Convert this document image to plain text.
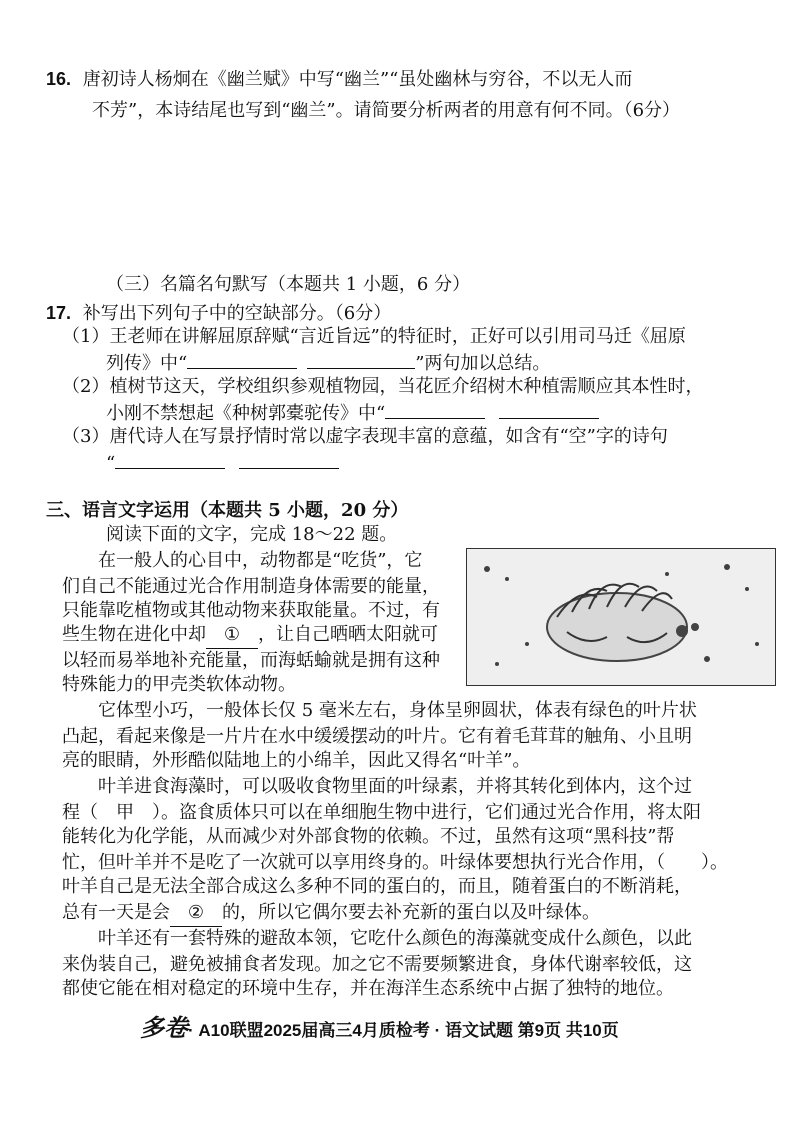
16. 唐初诗人杨炯在《幽兰赋》中写“幽兰”“虽处幽林与穷谷，不以无人而
不芳”，本诗结尾也写到“幽兰”。请简要分析两者的用意有何不同。（6分）
（三）名篇名句默写（本题共 1 小题，6 分）
17. 补写出下列句子中的空缺部分。（6分）
（1）王老师在讲解屈原辞赋“言近旨远”的特征时，正好可以引用司马迁《屈原
列传》中“	”两句加以总结。
（2）植树节这天，学校组织参观植物园，当花匠介绍树木种植需顺应其本性时，
小刚不禁想起《种树郭橐驼传》中“
（3）唐代诗人在写景抒情时常以虚字表现丰富的意蕴，如含有“空”字的诗句
“
三、语言文字运用（本题共 5 小题，20 分）
阅读下面的文字，完成 18～22 题。
在一般人的心目中，动物都是“吃货”，它
们自己不能通过光合作用制造身体需要的能量，
只能靠吃植物或其他动物来获取能量。不过，有
些生物在进化中却 ① ，让自己晒晒太阳就可
以轻而易举地补充能量，而海蛞蝓就是拥有这种
特殊能力的甲壳类软体动物。
它体型小巧，一般体长仅 5 毫米左右，身体呈卵圆状，体表有绿色的叶片状
凸起，看起来像是一片片在水中缓缓摆动的叶片。它有着毛茸茸的触角、小且明
亮的眼睛，外形酷似陆地上的小绵羊，因此又得名“叶羊”。
叶羊进食海藻时，可以吸收食物里面的叶绿素，并将其转化到体内，这个过
程（　甲　）。盗食质体只可以在单细胞生物中进行，它们通过光合作用，将太阳
能转化为化学能，从而减少对外部食物的依赖。不过，虽然有这项“黑科技”帮
忙，但叶羊并不是吃了一次就可以享用终身的。叶绿体要想执行光合作用，（　　）。
叶羊自己是无法全部合成这么多种不同的蛋白的，而且，随着蛋白的不断消耗，
总有一天是会 ② 的，所以它偶尔要去补充新的蛋白以及叶绿体。
叶羊还有一套特殊的避敌本领，它吃什么颜色的海藻就变成什么颜色，以此
来伪装自己，避免被捕食者发现。加之它不需要频繁进食，身体代谢率较低，这
都使它能在相对稳定的环境中生存，并在海洋生态系统中占据了独特的地位。
多卷· A10联盟2025届高三4月质检考 · 语文试题 第9页 共10页
